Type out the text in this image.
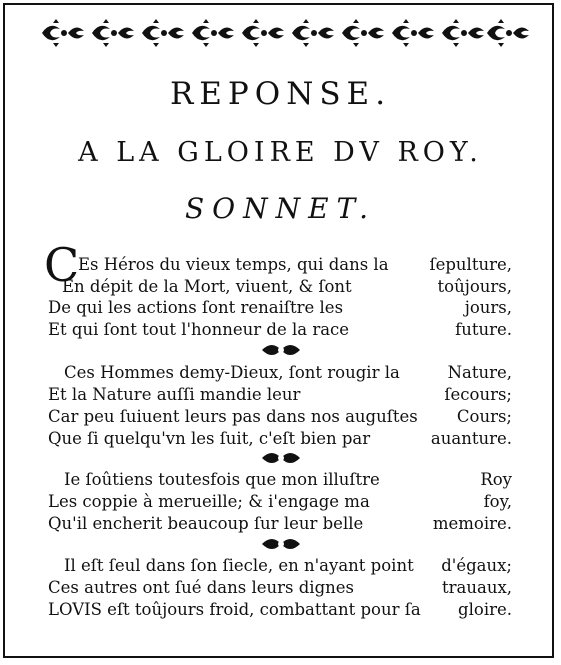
REPONSE.
A LA GLOIRE DV ROY.
SONNET.
C
Es Héros du vieux temps, qui dans la ſepulture,
En dépit de la Mort, viuent, & ſont	toûjours,
De qui les actions ſont renaiſtre les	jours,
Et qui ſont tout l'honneur de la race	future.
Ces Hommes demy-Dieux, ſont rougir la	Nature,
Et la Nature auſſi mandie leur	ſecours;
Car peu ſuiuent leurs pas dans nos auguſtes Cours;
Que ſi quelqu'vn les ſuit, c'eſt bien par	auanture.
Ie ſoûtiens toutesfois que mon illuſtre	Roy
Les coppie à merueille; & i'engage ma	foy,
Qu'il encherit beaucoup ſur leur belle	memoire.
Il eſt ſeul dans ſon ſiecle, en n'ayant point d'égaux;
Ces autres ont ſué dans leurs dignes	trauaux,
LOVIS eſt toûjours froid, combattant pour ſa gloire.
